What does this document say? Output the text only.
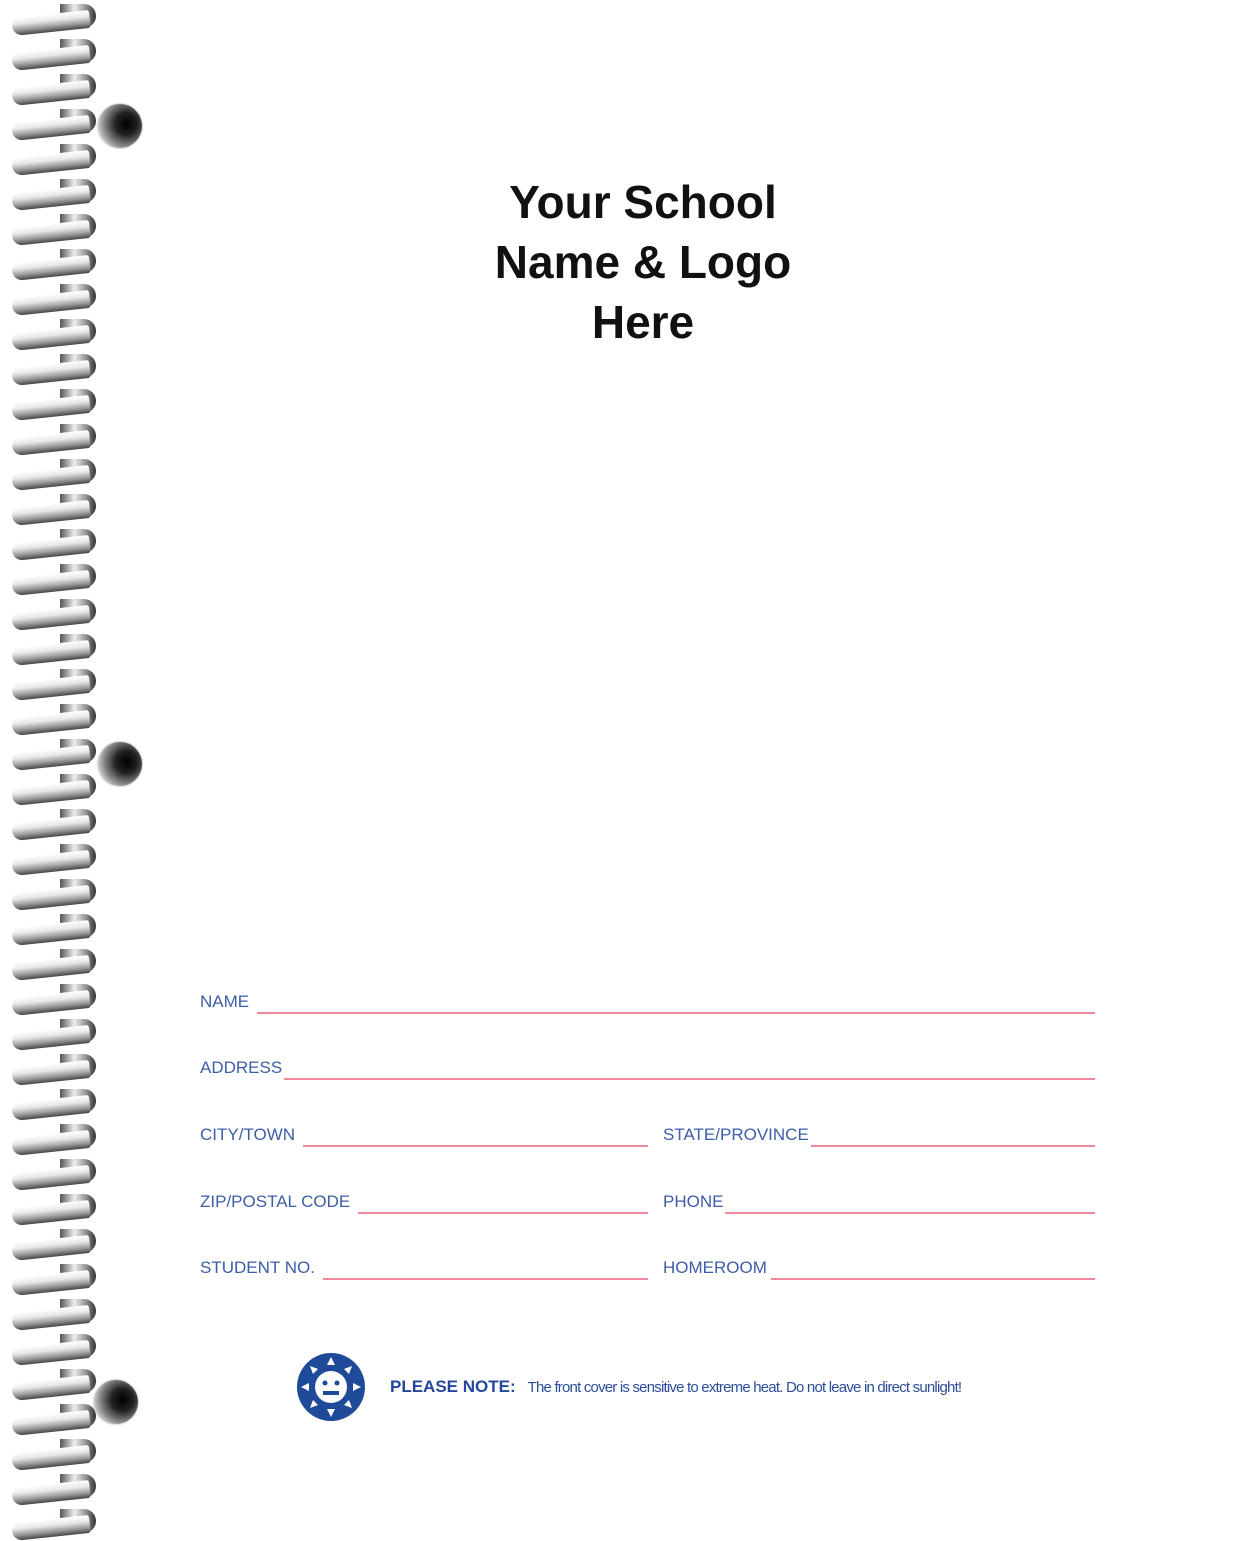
Your School
Name & Logo
Here
NAME
ADDRESS
CITY/TOWN	STATE/PROVINCE
ZIP/POSTAL CODE	PHONE
STUDENT NO.	HOMEROOM
PLEASE NOTE: The front cover is sensitive to extreme heat. Do not leave in direct sunlight!
